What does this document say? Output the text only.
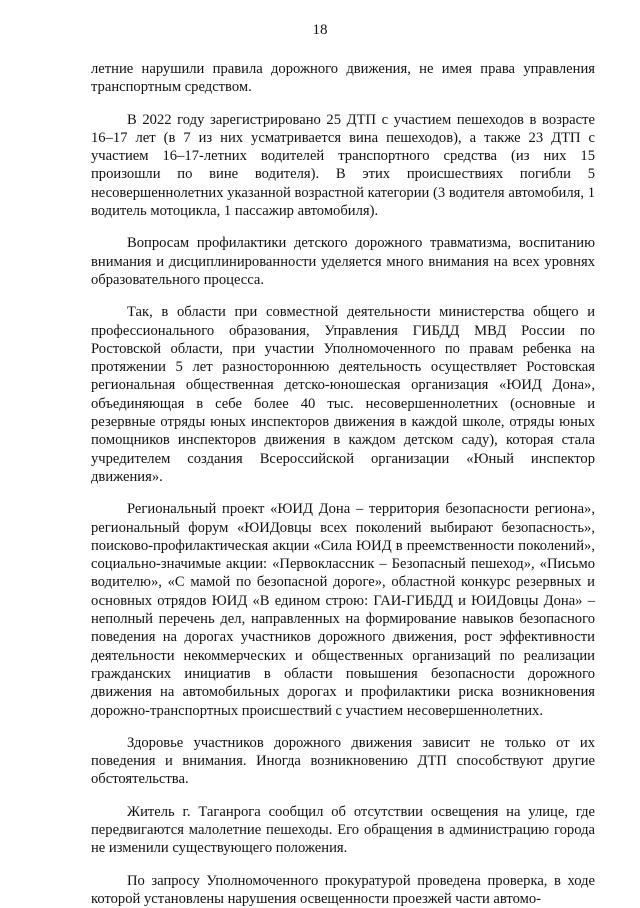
18

летние нарушили правила дорожного движения, не имея права управления транспортным средством.

В 2022 году зарегистрировано 25 ДТП с участием пешеходов в возрасте 16–17 лет (в 7 из них усматривается вина пешеходов), а также 23 ДТП с участием 16–17-летних водителей транспортного средства (из них 15 произошли по вине водителя). В этих происшествиях погибли 5 несовершеннолетних указанной возрастной категории (3 водителя автомобиля, 1 водитель мотоцикла, 1 пассажир автомобиля).

Вопросам профилактики детского дорожного травматизма, воспитанию внимания и дисциплинированности уделяется много внимания на всех уровнях образовательного процесса.

Так, в области при совместной деятельности министерства общего и профессионального образования, Управления ГИБДД МВД России по Ростовской области, при участии Уполномоченного по правам ребенка на протяжении 5 лет разностороннюю деятельность осуществляет Ростовская региональная общественная детско-юношеская организация «ЮИД Дона», объединяющая в себе более 40 тыс. несовершеннолетних (основные и резервные отряды юных инспекторов движения в каждой школе, отряды юных помощников инспекторов движения в каждом детском саду), которая стала учредителем создания Всероссийской организации «Юный инспектор движения».

Региональный проект «ЮИД Дона – территория безопасности региона», региональный форум «ЮИДовцы всех поколений выбирают безопасность», поисково-профилактическая акции «Сила ЮИД в преемственности поколений», социально-значимые акции: «Первоклассник – Безопасный пешеход», «Письмо водителю», «С мамой по безопасной дороге», областной конкурс резервных и основных отрядов ЮИД «В едином строю: ГАИ-ГИБДД и ЮИДовцы Дона» – неполный перечень дел, направленных на формирование навыков безопасного поведения на дорогах участников дорожного движения, рост эффективности деятельности некоммерческих и общественных организаций по реализации гражданских инициатив в области повышения безопасности дорожного движения на автомобильных дорогах и профилактики риска возникновения дорожно-транспортных происшествий с участием несовершеннолетних.

Здоровье участников дорожного движения зависит не только от их поведения и внимания. Иногда возникновению ДТП способствуют другие обстоятельства.

Житель г. Таганрога сообщил об отсутствии освещения на улице, где передвигаются малолетние пешеходы. Его обращения в администрацию города не изменили существующего положения.

По запросу Уполномоченного прокуратурой проведена проверка, в ходе которой установлены нарушения освещенности проезжей части автомо-
